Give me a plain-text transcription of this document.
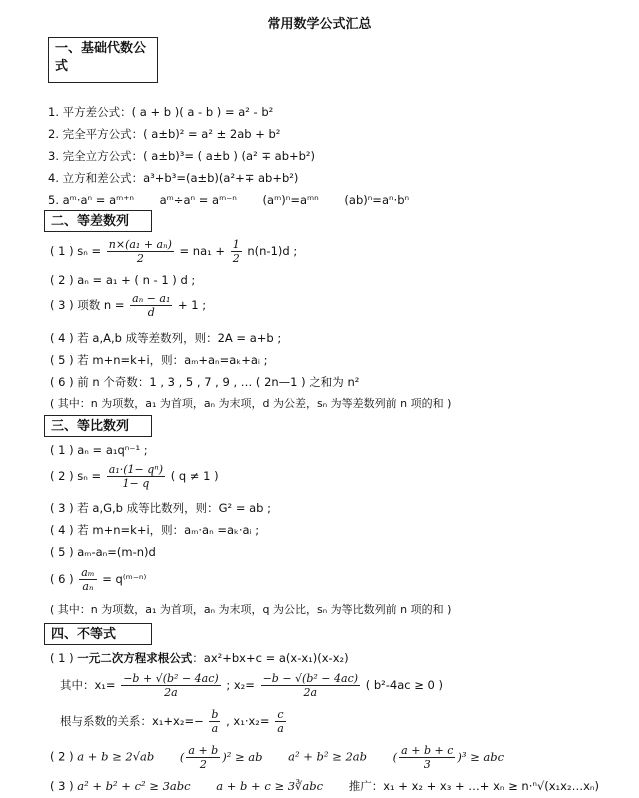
常用数学公式汇总
一、基础代数公
式
1. 平方差公式：( a + b )( a - b ) = a² - b²
2. 完全平方公式：( a±b)² = a² ± 2ab + b²
3. 完全立方公式：( a±b)³= ( a±b ) (a² ∓ ab+b²)
4. 立方和差公式：a³+b³=(a±b)(a²+∓ ab+b²)
5. aᵐ·aⁿ = aᵐ⁺ⁿ aᵐ÷aⁿ = aᵐ⁻ⁿ (aᵐ)ⁿ=aᵐⁿ (ab)ⁿ=aⁿ·bⁿ
二、等差数列
( 1 ) $s_n = \frac{\text{n×(a₁ + aₙ)}}{2} = na_1 + \frac{1}{2} n(n-1)d$ ;
( 2 ) aₙ = a₁ + ( n - 1 ) d ;
( 3 ) 项数 $n = \frac{\text{aₙ − a₁}}{d} + 1$ ;
( 4 ) 若 a,A,b 成等差数列，则：2A = a+b ;
( 5 ) 若 m+n=k+i，则：aₘ+aₙ=aₖ+aᵢ ;
( 6 ) 前 n 个奇数：1 , 3 , 5 , 7 , 9 , … ( 2n—1 ) 之和为 n²
( 其中：n 为项数，a₁ 为首项，aₙ 为末项，d 为公差，sₙ 为等差数列前 n 项的和 )
三、等比数列
( 1 ) aₙ = a₁qⁿ⁻¹ ;
( 2 ) $s_n = \frac{\text{a₁·(1− qⁿ)}}{1- q}$ ( q ≠ 1 )
( 3 ) 若 a,G,b 成等比数列，则：G² = ab ;
( 4 ) 若 m+n=k+i，则：aₘ·aₙ =aₖ·aᵢ ;
( 5 ) aₘ-aₙ=(m-n)d
( 6 ) $\frac{\text{aₘ}}{\text{aₙ}}$ = q⁽ᵐ⁻ⁿ⁾
( 其中：n 为项数，a₁ 为首项，aₙ 为末项，q 为公比，sₙ 为等比数列前 n 项的和 )
四、不等式
( 1 ) 一元二次方程求根公式：ax²+bx+c = a(x-x₁)(x-x₂)
其中：$x_1= \frac{\text{−b + √(b² − 4ac)}}{2a}$ ; $x_2= \frac{\text{−b − √(b² − 4ac)}}{2a}$ ( b²-4ac ≥ 0 )
根与系数的关系：$x_1+x_2=- \frac{b}{a}$ , $x_1\cdot x_2= \frac{c}{a}$
( 2 ) a + b ≥ 2√ab ( $\frac{a + b}{2} )^2$ ≥ ab a² + b² ≥ 2ab ( $\frac{a + b + c}{3} )^3$ ≥ abc
( 3 ) a² + b² + c² ≥ 3abc a + b + c ≥ 3∛abc 推广：x₁ + x₂ + x₃ + …+ xₙ ≥ n·ⁿ√(x₁x₂…xₙ)
